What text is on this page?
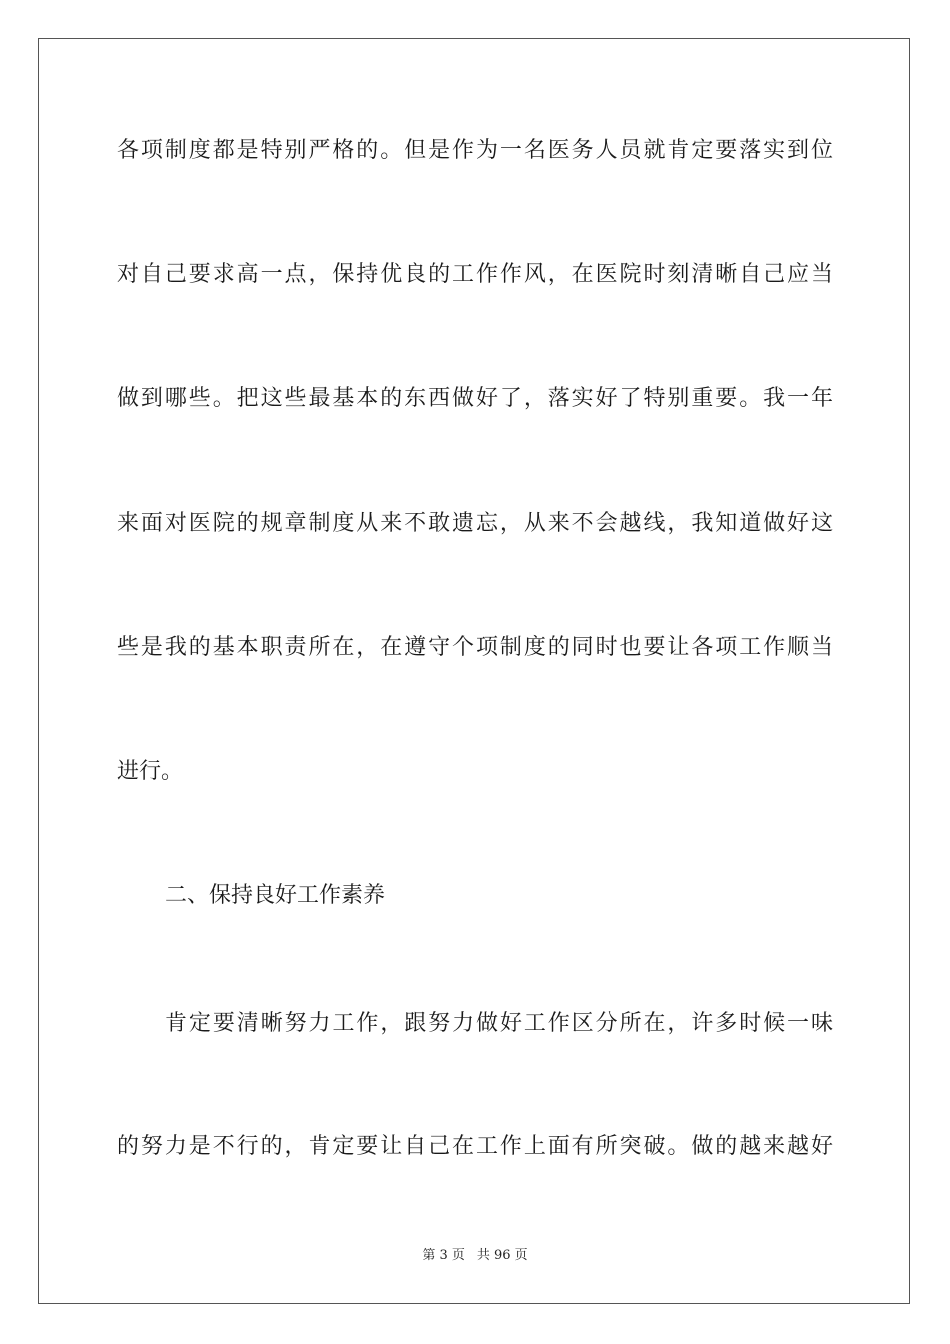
各项制度都是特别严格的。但是作为一名医务人员就肯定要落实到位
对自己要求高一点，保持优良的工作作风，在医院时刻清晰自己应当
做到哪些。把这些最基本的东西做好了，落实好了特别重要。我一年
来面对医院的规章制度从来不敢遗忘，从来不会越线，我知道做好这
些是我的基本职责所在，在遵守个项制度的同时也要让各项工作顺当
进行。
二、保持良好工作素养
肯定要清晰努力工作，跟努力做好工作区分所在，许多时候一味
的努力是不行的，肯定要让自己在工作上面有所突破。做的越来越好
第 3 页 共 96 页
